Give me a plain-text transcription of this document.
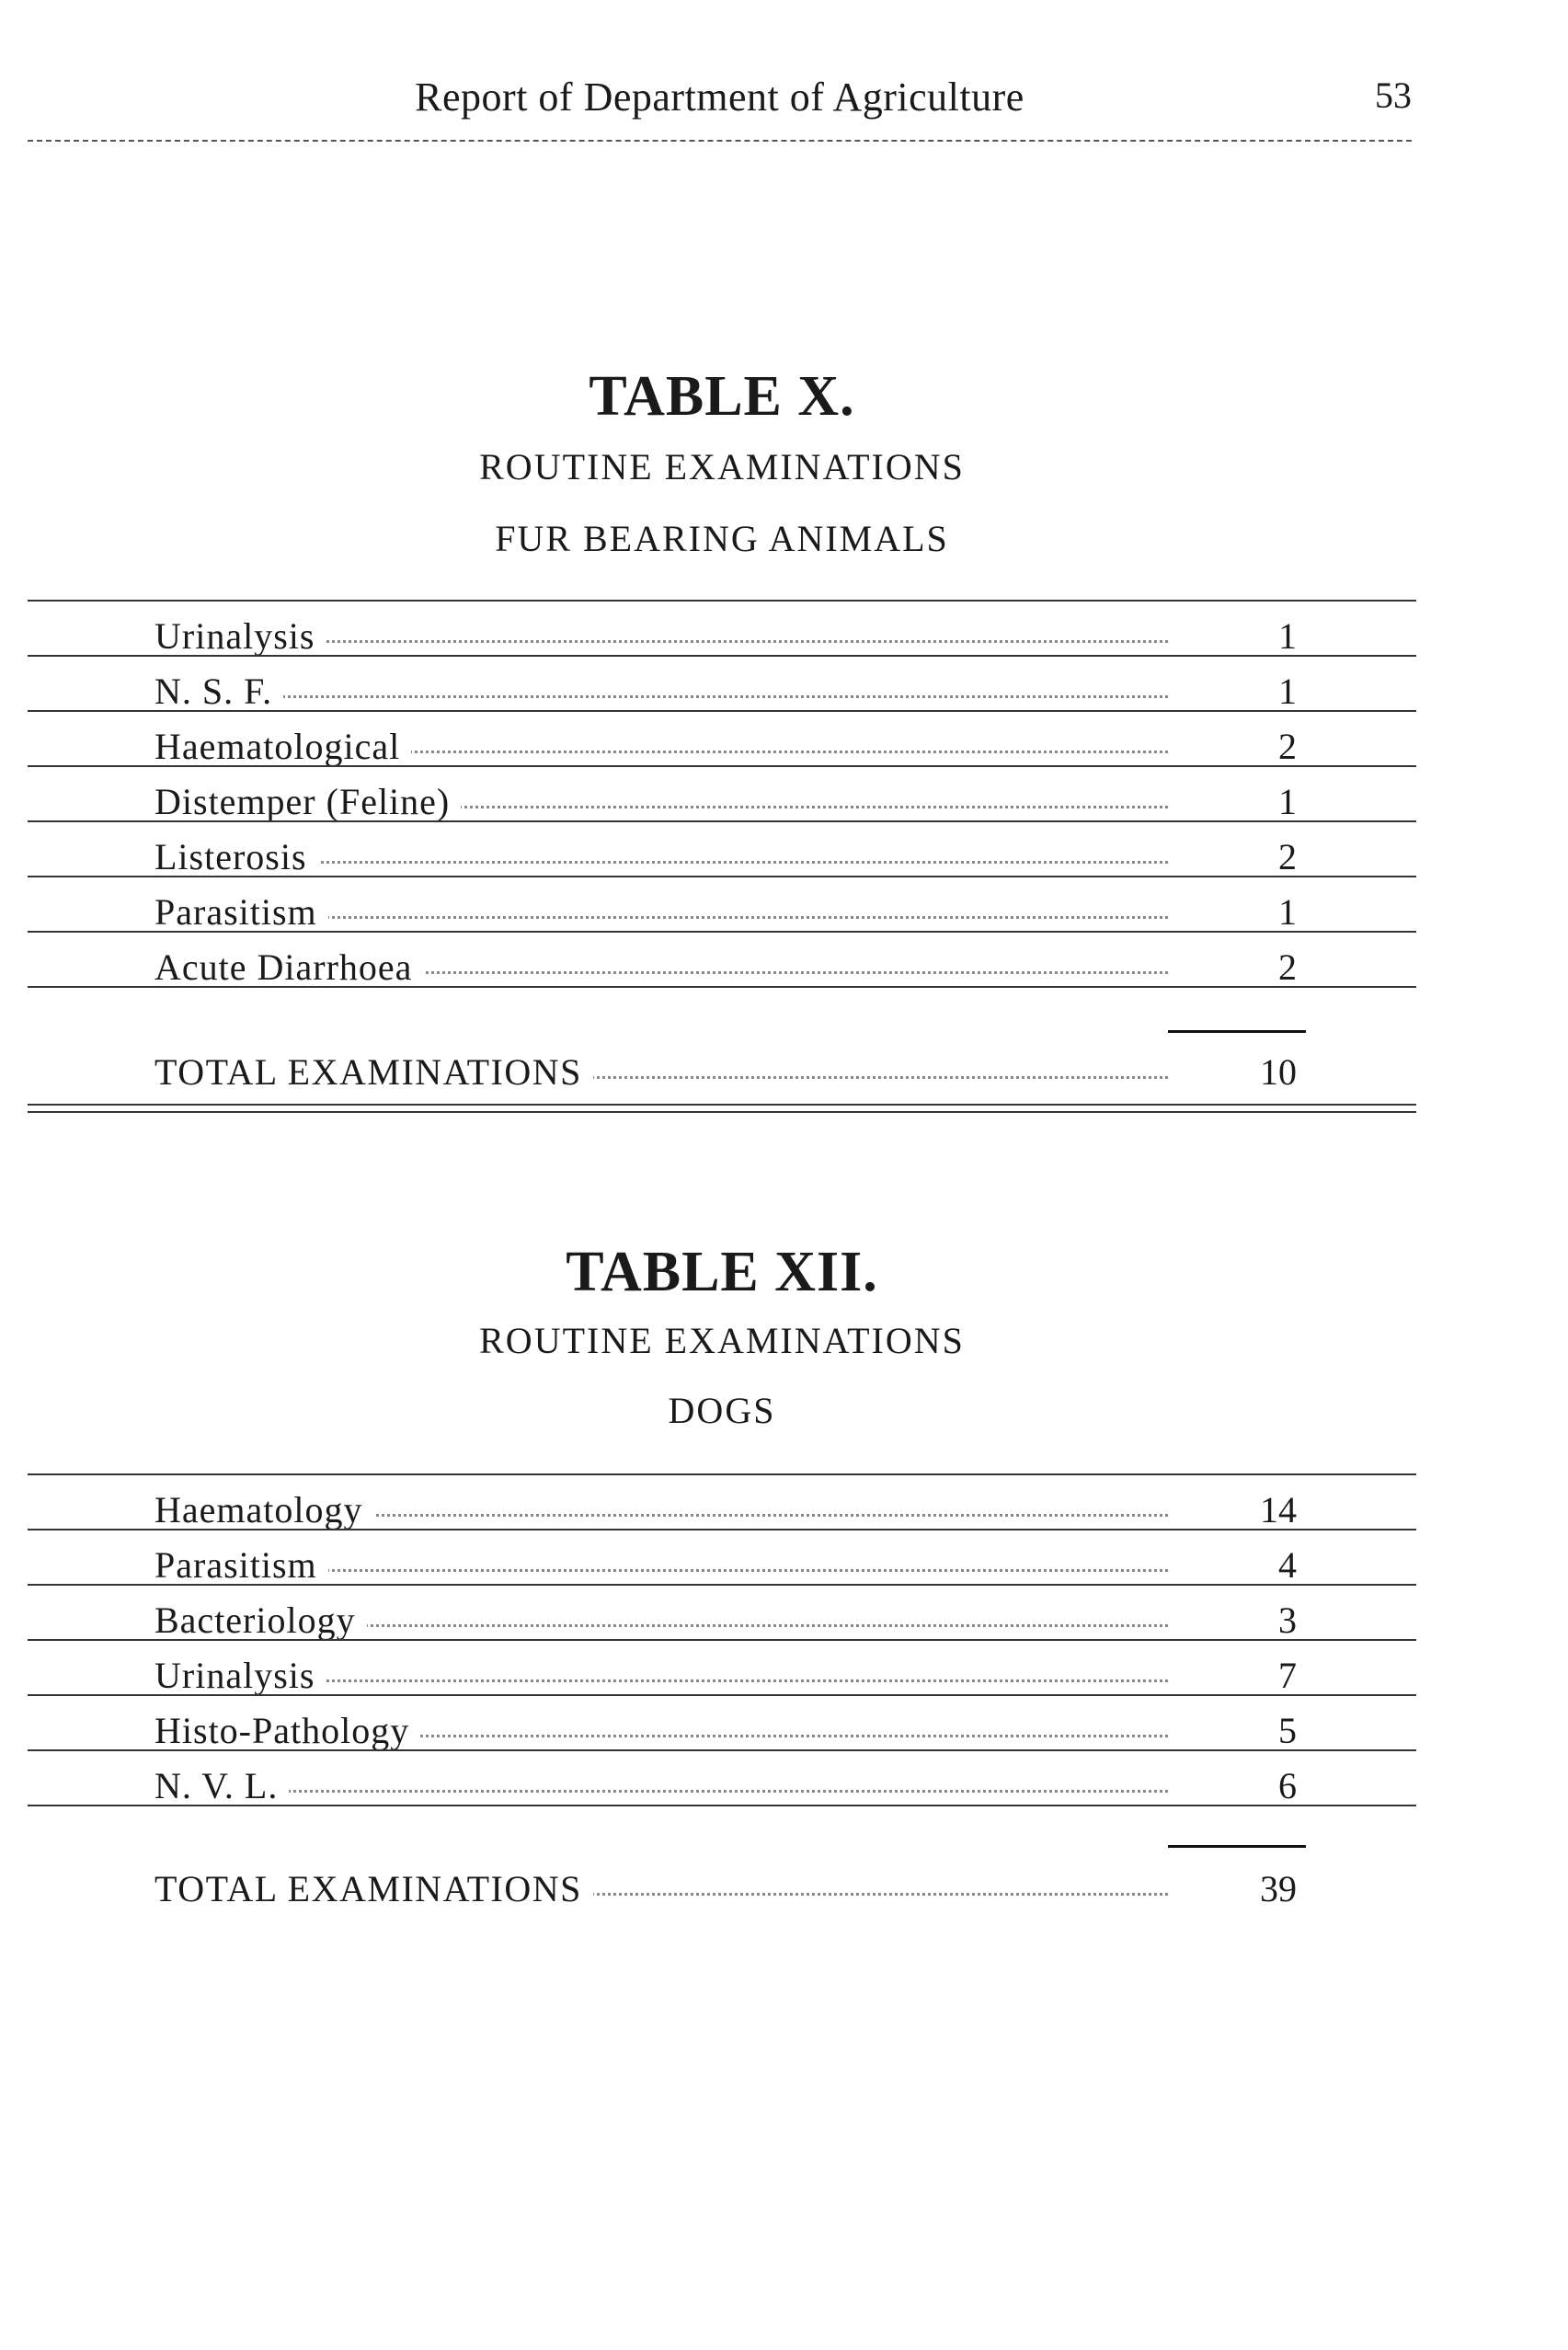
Report of Department of Agriculture	53
TABLE X.
ROUTINE EXAMINATIONS
FUR BEARING ANIMALS
Urinalysis	1
N. S. F.	1
Haematological	2
Distemper (Feline)	1
Listerosis	2
Parasitism	1
Acute Diarrhoea	2
TOTAL EXAMINATIONS	10
TABLE XII.
ROUTINE EXAMINATIONS
DOGS
Haematology	14
Parasitism	4
Bacteriology	3
Urinalysis	7
Histo-Pathology	5
N. V. L.	6
TOTAL EXAMINATIONS	39
